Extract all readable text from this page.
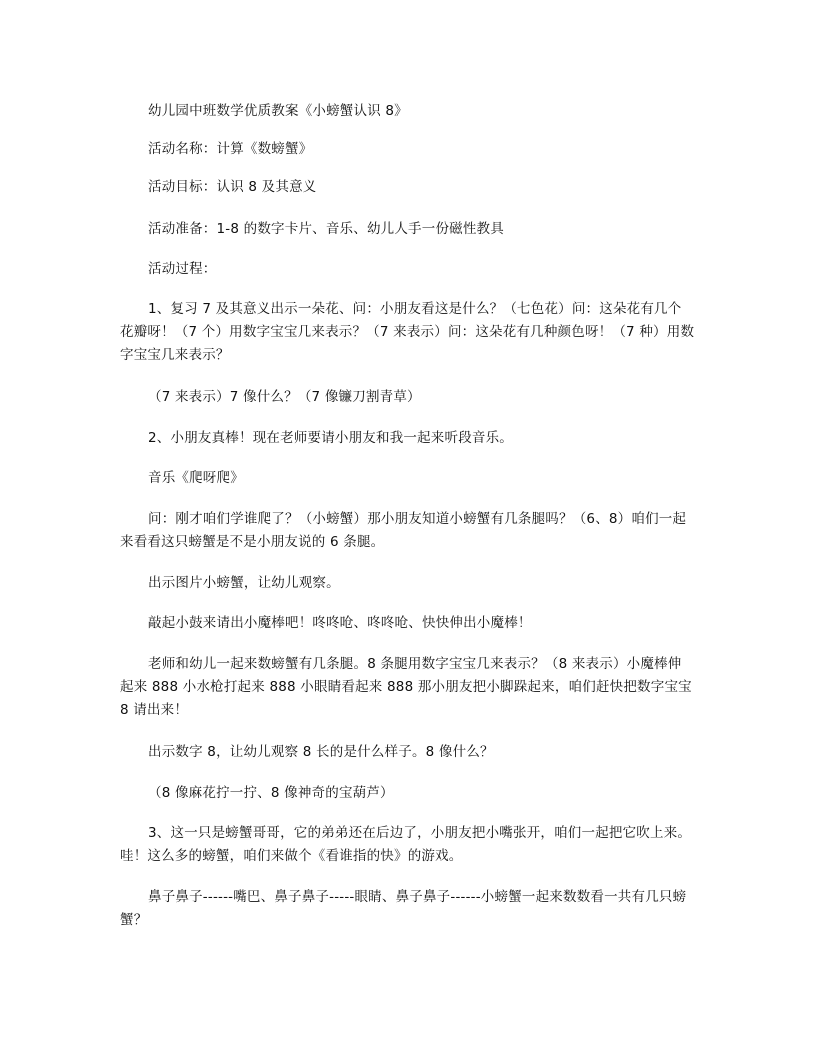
幼儿园中班数学优质教案《小螃蟹认识 8》

活动名称：计算《数螃蟹》

活动目标：认识 8 及其意义

活动准备：1-8 的数字卡片、音乐、幼儿人手一份磁性教具

活动过程：

1、复习 7 及其意义出示一朵花、问：小朋友看这是什么？（七色花）问：这朵花有几个花瓣呀！（7 个）用数字宝宝几来表示？（7 来表示）问：这朵花有几种颜色呀！（7 种）用数字宝宝几来表示？

（7 来表示）7 像什么？（7 像镰刀割青草）

2、小朋友真棒！现在老师要请小朋友和我一起来听段音乐。

音乐《爬呀爬》

问：刚才咱们学谁爬了？（小螃蟹）那小朋友知道小螃蟹有几条腿吗？（6、8）咱们一起来看看这只螃蟹是不是小朋友说的 6 条腿。

出示图片小螃蟹，让幼儿观察。

敲起小鼓来请出小魔棒吧！咚咚呛、咚咚呛、快快伸出小魔棒！

老师和幼儿一起来数螃蟹有几条腿。8 条腿用数字宝宝几来表示？（8 来表示）小魔棒伸起来 888 小水枪打起来 888 小眼睛看起来 888 那小朋友把小脚跺起来，咱们赶快把数字宝宝 8 请出来！

出示数字 8，让幼儿观察 8 长的是什么样子。8 像什么？

（8 像麻花拧一拧、8 像神奇的宝葫芦）

3、这一只是螃蟹哥哥，它的弟弟还在后边了，小朋友把小嘴张开，咱们一起把它吹上来。哇！这么多的螃蟹，咱们来做个《看谁指的快》的游戏。

鼻子鼻子------嘴巴、鼻子鼻子-----眼睛、鼻子鼻子------小螃蟹一起来数数看一共有几只螃蟹？
